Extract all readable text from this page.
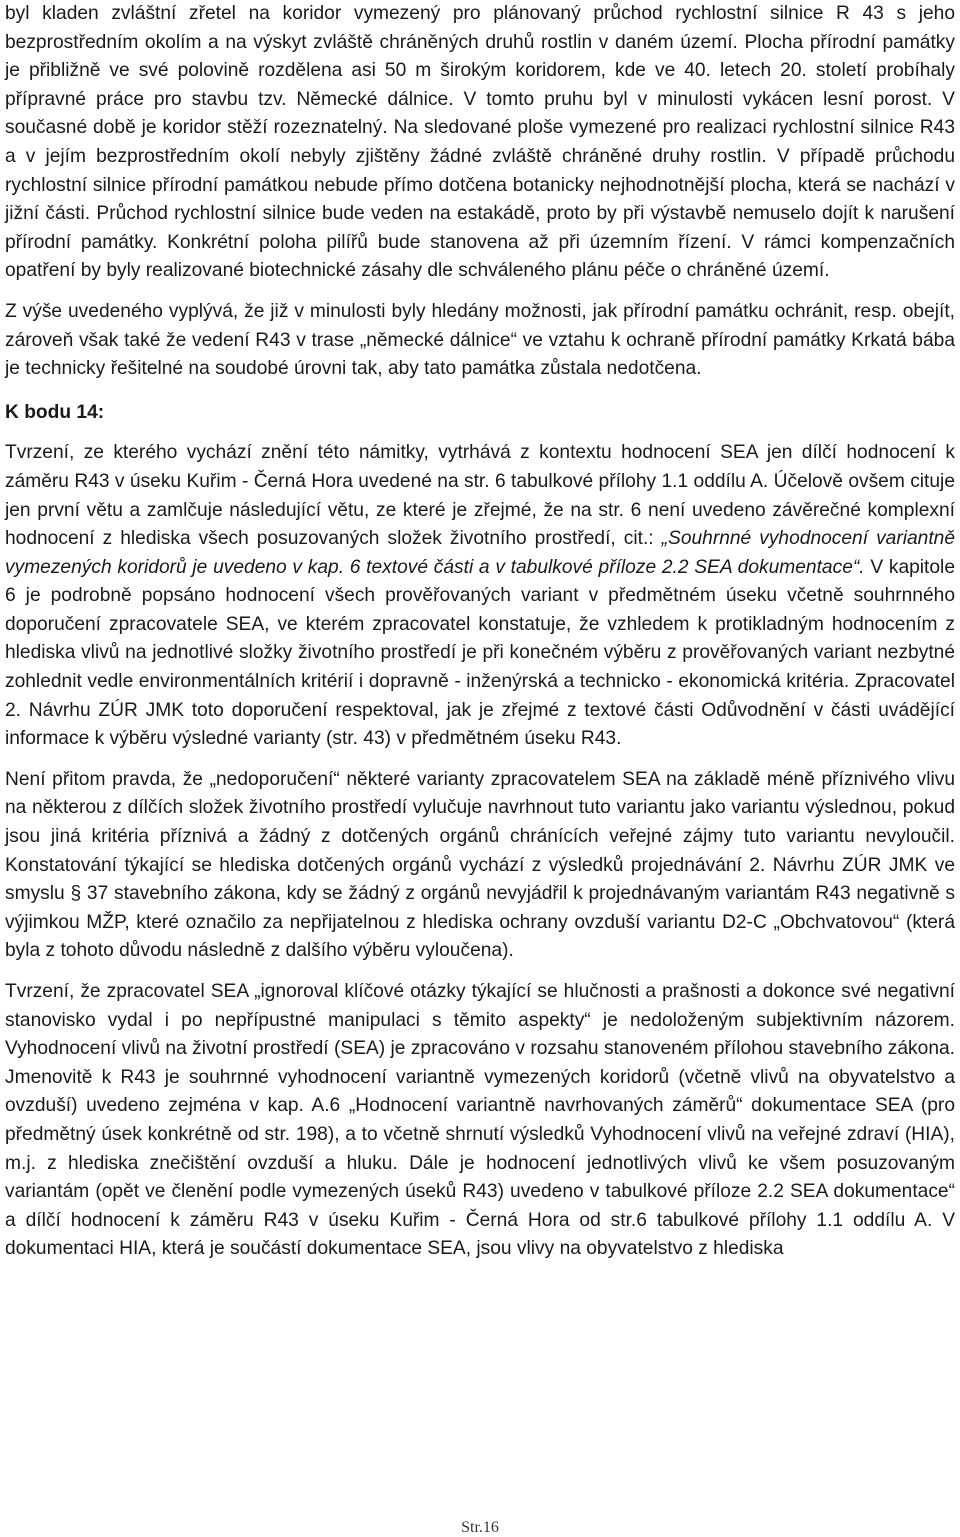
byl kladen zvláštní zřetel na koridor vymezený pro plánovaný průchod rychlostní silnice R 43 s jeho bezprostředním okolím a na výskyt zvláště chráněných druhů rostlin v daném území. Plocha přírodní památky je přibližně ve své polovině rozdělena asi 50 m širokým koridorem, kde ve 40. letech 20. století probíhaly přípravné práce pro stavbu tzv. Německé dálnice. V tomto pruhu byl v minulosti vykácen lesní porost. V současné době je koridor stěží rozeznatelný. Na sledované ploše vymezené pro realizaci rychlostní silnice R43 a v jejím bezprostředním okolí nebyly zjištěny žádné zvláště chráněné druhy rostlin. V případě průchodu rychlostní silnice přírodní památkou nebude přímo dotčena botanicky nejhodnotnější plocha, která se nachází v jižní části. Průchod rychlostní silnice bude veden na estakádě, proto by při výstavbě nemuselo dojít k narušení přírodní památky. Konkrétní poloha pilířů bude stanovena až při územním řízení. V rámci kompenzačních opatření by byly realizované biotechnické zásahy dle schváleného plánu péče o chráněné území.

Z výše uvedeného vyplývá, že již v minulosti byly hledány možnosti, jak přírodní památku ochránit, resp. obejít, zároveň však také že vedení R43 v trase „německé dálnice“ ve vztahu k ochraně přírodní památky Krkatá bába je technicky řešitelné na soudobé úrovni tak, aby tato památka zůstala nedotčena.

K bodu 14:

Tvrzení, ze kterého vychází znění této námitky, vytrhává z kontextu hodnocení SEA jen dílčí hodnocení k záměru R43 v úseku Kuřim - Černá Hora uvedené na str. 6 tabulkové přílohy 1.1 oddílu A. Účelově ovšem cituje jen první větu a zamlčuje následující větu, ze které je zřejmé, že na str. 6 není uvedeno závěrečné komplexní hodnocení z hlediska všech posuzovaných složek životního prostředí, cit.: „Souhrnné vyhodnocení variantně vymezených koridorů je uvedeno v kap. 6 textové části a v tabulkové příloze 2.2 SEA dokumentace“. V kapitole 6 je podrobně popsáno hodnocení všech prověřovaných variant v předmětném úseku včetně souhrnného doporučení zpracovatele SEA, ve kterém zpracovatel konstatuje, že vzhledem k protikladným hodnocením z hlediska vlivů na jednotlivé složky životního prostředí je při konečném výběru z prověřovaných variant nezbytné zohlednit vedle environmentálních kritérií i dopravně - inženýrská a technicko - ekonomická kritéria. Zpracovatel 2. Návrhu ZÚR JMK toto doporučení respektoval, jak je zřejmé z textové části Odůvodnění v části uvádějící informace k výběru výsledné varianty (str. 43) v předmětném úseku R43.

Není přitom pravda, že „nedoporučení“ některé varianty zpracovatelem SEA na základě méně příznivého vlivu na některou z dílčích složek životního prostředí vylučuje navrhnout tuto variantu jako variantu výslednou, pokud jsou jiná kritéria příznivá a žádný z dotčených orgánů chránících veřejné zájmy tuto variantu nevyloučil. Konstatování týkající se hlediska dotčených orgánů vychází z výsledků projednávání 2. Návrhu ZÚR JMK ve smyslu § 37 stavebního zákona, kdy se žádný z orgánů nevyjádřil k projednávaným variantám R43 negativně s výjimkou MŽP, které označilo za nepřijatelnou z hlediska ochrany ovzduší variantu D2-C „Obchvatovou“ (která byla z tohoto důvodu následně z dalšího výběru vyloučena).

Tvrzení, že zpracovatel SEA „ignoroval klíčové otázky týkající se hlučnosti a prašnosti a dokonce své negativní stanovisko vydal i po nepřípustné manipulaci s těmito aspekty“ je nedoloženým subjektivním názorem. Vyhodnocení vlivů na životní prostředí (SEA) je zpracováno v rozsahu stanoveném přílohou stavebního zákona. Jmenovitě k R43 je souhrnné vyhodnocení variantně vymezených koridorů (včetně vlivů na obyvatelstvo a ovzduší) uvedeno zejména v kap. A.6 „Hodnocení variantně navrhovaných záměrů“ dokumentace SEA (pro předmětný úsek konkrétně od str. 198), a to včetně shrnutí výsledků Vyhodnocení vlivů na veřejné zdraví (HIA), m.j. z hlediska znečištění ovzduší a hluku. Dále je hodnocení jednotlivých vlivů ke všem posuzovaným variantám (opět ve členění podle vymezených úseků R43) uvedeno v tabulkové příloze 2.2 SEA dokumentace“ a dílčí hodnocení k záměru R43 v úseku Kuřim - Černá Hora od str.6 tabulkové přílohy 1.1 oddílu A. V dokumentaci HIA, která je součástí dokumentace SEA, jsou vlivy na obyvatelstvo z hlediska

Str.16
